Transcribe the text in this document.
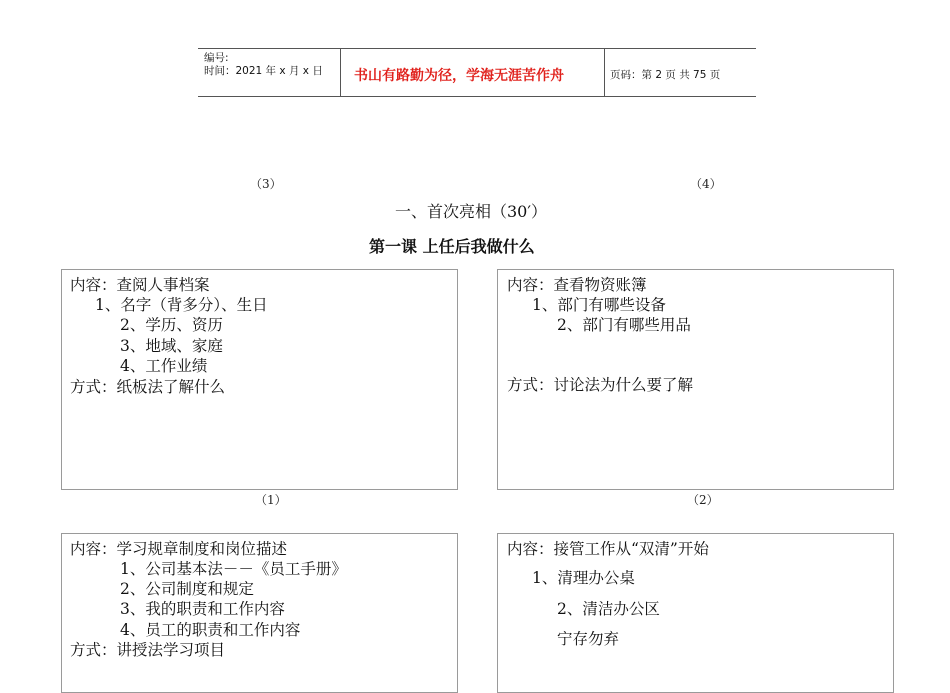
编号:
时间：2021 年 x 月 x 日 书山有路勤为径，学海无涯苦作舟	页码：第 2 页 共 75 页
（3）	（4）
一、首次亮相（30′）
第一课 上任后我做什么
内容：查阅人事档案
1、名字（背多分）、生日
2、学历、资历
3、地域、家庭
4、工作业绩
方式：纸板法了解什么
内容：查看物资账簿
1、部门有哪些设备
2、部门有哪些用品
方式：讨论法为什么要了解
（1）	（2）
内容：学习规章制度和岗位描述
1、公司基本法－－《员工手册》
2、公司制度和规定
3、我的职责和工作内容
4、员工的职责和工作内容
方式：讲授法学习项目
内容：接管工作从“双清”开始
1、清理办公桌
2、清洁办公区
宁存勿弃
